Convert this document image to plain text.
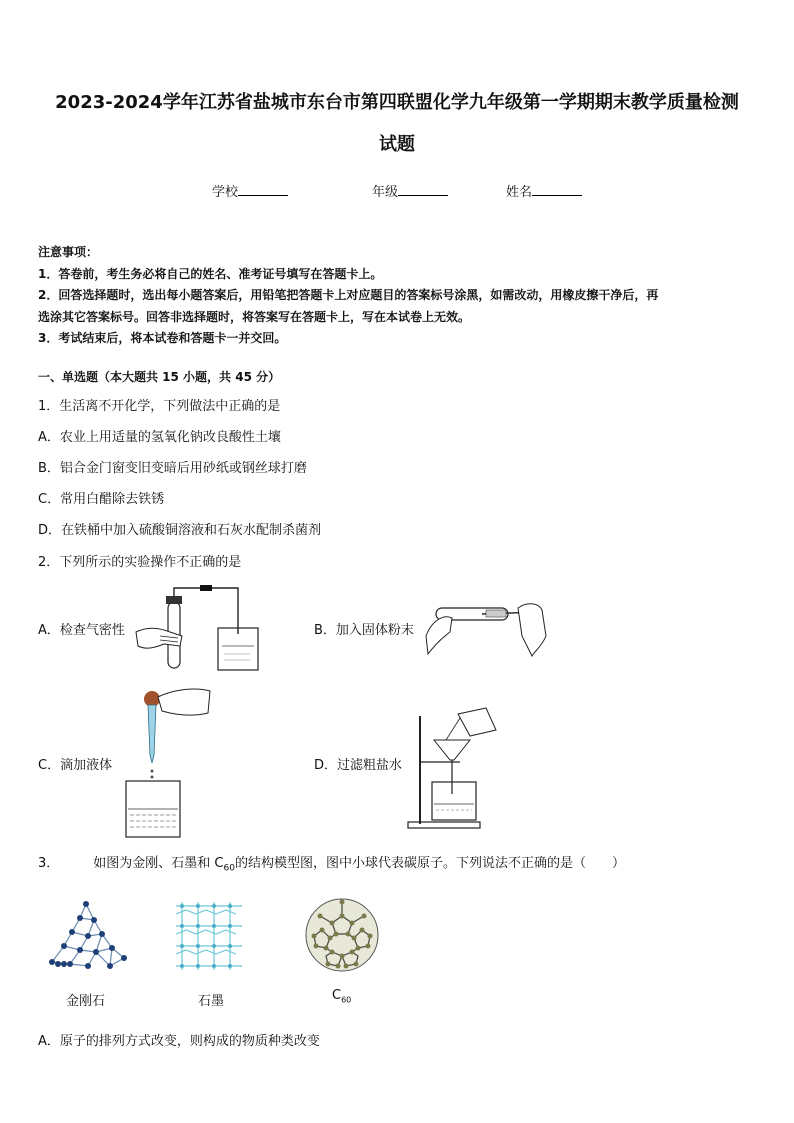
2023-2024学年江苏省盐城市东台市第四联盟化学九年级第一学期期末教学质量检测
试题
学校	年级	姓名
注意事项：
1．答卷前，考生务必将自己的姓名、准考证号填写在答题卡上。
2．回答选择题时，选出每小题答案后，用铅笔把答题卡上对应题目的答案标号涂黑，如需改动，用橡皮擦干净后，再
选涂其它答案标号。回答非选择题时，将答案写在答题卡上，写在本试卷上无效。
3．考试结束后，将本试卷和答题卡一并交回。
一、单选题（本大题共 15 小题，共 45 分）
1．生活离不开化学，下列做法中正确的是
A．农业上用适量的氢氧化钠改良酸性土壤
B．铝合金门窗变旧变暗后用砂纸或钢丝球打磨
C．常用白醋除去铁锈
D．在铁桶中加入硫酸铜溶液和石灰水配制杀菌剂
2．下列所示的实验操作不正确的是
A．检查气密性	B．加入固体粉末
C．滴加液体	D．过滤粗盐水
3．	如图为金刚、石墨和 $C_{60}$的结构模型图，图中小球代表碳原子。下列说法不正确的是（　　）
金刚石	石墨	$C_{60}$
A．原子的排列方式改变，则构成的物质种类改变
